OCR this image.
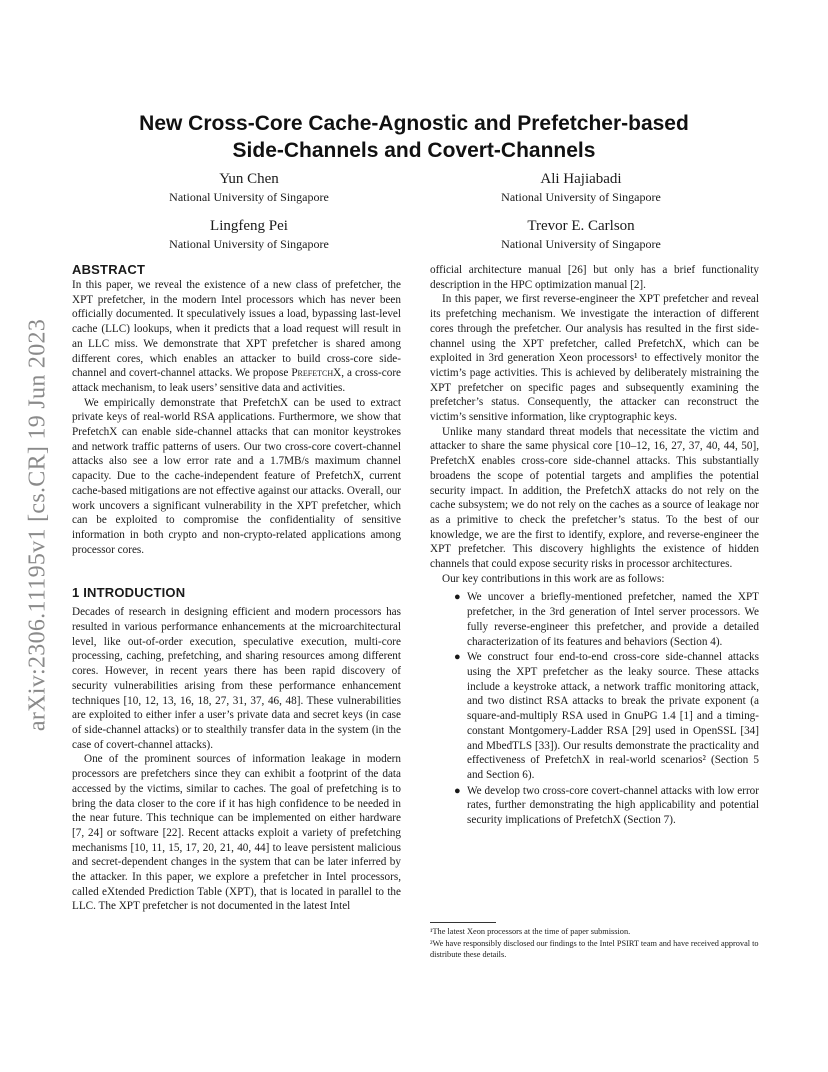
arXiv:2306.11195v1 [cs.CR] 19 Jun 2023
New Cross-Core Cache-Agnostic and Prefetcher-based
Side-Channels and Covert-Channels
Yun Chen
National University of Singapore
Ali Hajiabadi
National University of Singapore
Lingfeng Pei
National University of Singapore
Trevor E. Carlson
National University of Singapore
ABSTRACT

In this paper, we reveal the existence of a new class of prefetcher, the XPT prefetcher, in the modern Intel processors which has never been officially documented. It speculatively issues a load, bypassing last-level cache (LLC) lookups, when it predicts that a load request will result in an LLC miss. We demonstrate that XPT prefetcher is shared among different cores, which enables an attacker to build cross-core side-channel and covert-channel attacks. We propose PrefetchX, a cross-core attack mechanism, to leak users’ sensitive data and activities.

We empirically demonstrate that PrefetchX can be used to extract private keys of real-world RSA applications. Furthermore, we show that PrefetchX can enable side-channel attacks that can monitor keystrokes and network traffic patterns of users. Our two cross-core covert-channel attacks also see a low error rate and a 1.7MB/s maximum channel capacity. Due to the cache-independent feature of PrefetchX, current cache-based mitigations are not effective against our attacks. Overall, our work uncovers a significant vulnerability in the XPT prefetcher, which can be exploited to compromise the confidentiality of sensitive information in both crypto and non-crypto-related applications among processor cores.

1 INTRODUCTION

Decades of research in designing efficient and modern processors has resulted in various performance enhancements at the microarchitectural level, like out-of-order execution, speculative execution, multi-core processing, caching, prefetching, and sharing resources among different cores. However, in recent years there has been rapid discovery of security vulnerabilities arising from these performance enhancement techniques [10, 12, 13, 16, 18, 27, 31, 37, 46, 48]. These vulnerabilities are exploited to either infer a user’s private data and secret keys (in case of side-channel attacks) or to stealthily transfer data in the system (in the case of covert-channel attacks).

One of the prominent sources of information leakage in modern processors are prefetchers since they can exhibit a footprint of the data accessed by the victims, similar to caches. The goal of prefetching is to bring the data closer to the core if it has high confidence to be needed in the near future. This technique can be implemented on either hardware [7, 24] or software [22]. Recent attacks exploit a variety of prefetching mechanisms [10, 11, 15, 17, 20, 21, 40, 44] to leave persistent malicious and secret-dependent changes in the system that can be later inferred by the attacker. In this paper, we explore a prefetcher in Intel processors, called eXtended Prediction Table (XPT), that is located in parallel to the LLC. The XPT prefetcher is not documented in the latest Intel

official architecture manual [26] but only has a brief functionality description in the HPC optimization manual [2].

In this paper, we first reverse-engineer the XPT prefetcher and reveal its prefetching mechanism. We investigate the interaction of different cores through the prefetcher. Our analysis has resulted in the first side-channel using the XPT prefetcher, called PrefetchX, which can be exploited in 3rd generation Xeon processors¹ to effectively monitor the victim’s page activities. This is achieved by deliberately mistraining the XPT prefetcher on specific pages and subsequently examining the prefetcher’s status. Consequently, the attacker can reconstruct the victim’s sensitive information, like cryptographic keys.

Unlike many standard threat models that necessitate the victim and attacker to share the same physical core [10–12, 16, 27, 37, 40, 44, 50], PrefetchX enables cross-core side-channel attacks. This substantially broadens the scope of potential targets and amplifies the potential security impact. In addition, the PrefetchX attacks do not rely on the cache subsystem; we do not rely on the caches as a source of leakage nor as a primitive to check the prefetcher’s status. To the best of our knowledge, we are the first to identify, explore, and reverse-engineer the XPT prefetcher. This discovery highlights the existence of hidden channels that could expose security risks in processor architectures.

Our key contributions in this work are as follows:

● We uncover a briefly-mentioned prefetcher, named the XPT prefetcher, in the 3rd generation of Intel server processors. We fully reverse-engineer this prefetcher, and provide a detailed characterization of its features and behaviors (Section 4).
● We construct four end-to-end cross-core side-channel attacks using the XPT prefetcher as the leaky source. These attacks include a keystroke attack, a network traffic monitoring attack, and two distinct RSA attacks to break the private exponent (a square-and-multiply RSA used in GnuPG 1.4 [1] and a timing-constant Montgomery-Ladder RSA [29] used in OpenSSL [34] and MbedTLS [33]). Our results demonstrate the practicality and effectiveness of PrefetchX in real-world scenarios² (Section 5 and Section 6).
● We develop two cross-core covert-channel attacks with low error rates, further demonstrating the high applicability and potential security implications of PrefetchX (Section 7).

¹The latest Xeon processors at the time of paper submission.

²We have responsibly disclosed our findings to the Intel PSIRT team and have received approval to distribute these details.
